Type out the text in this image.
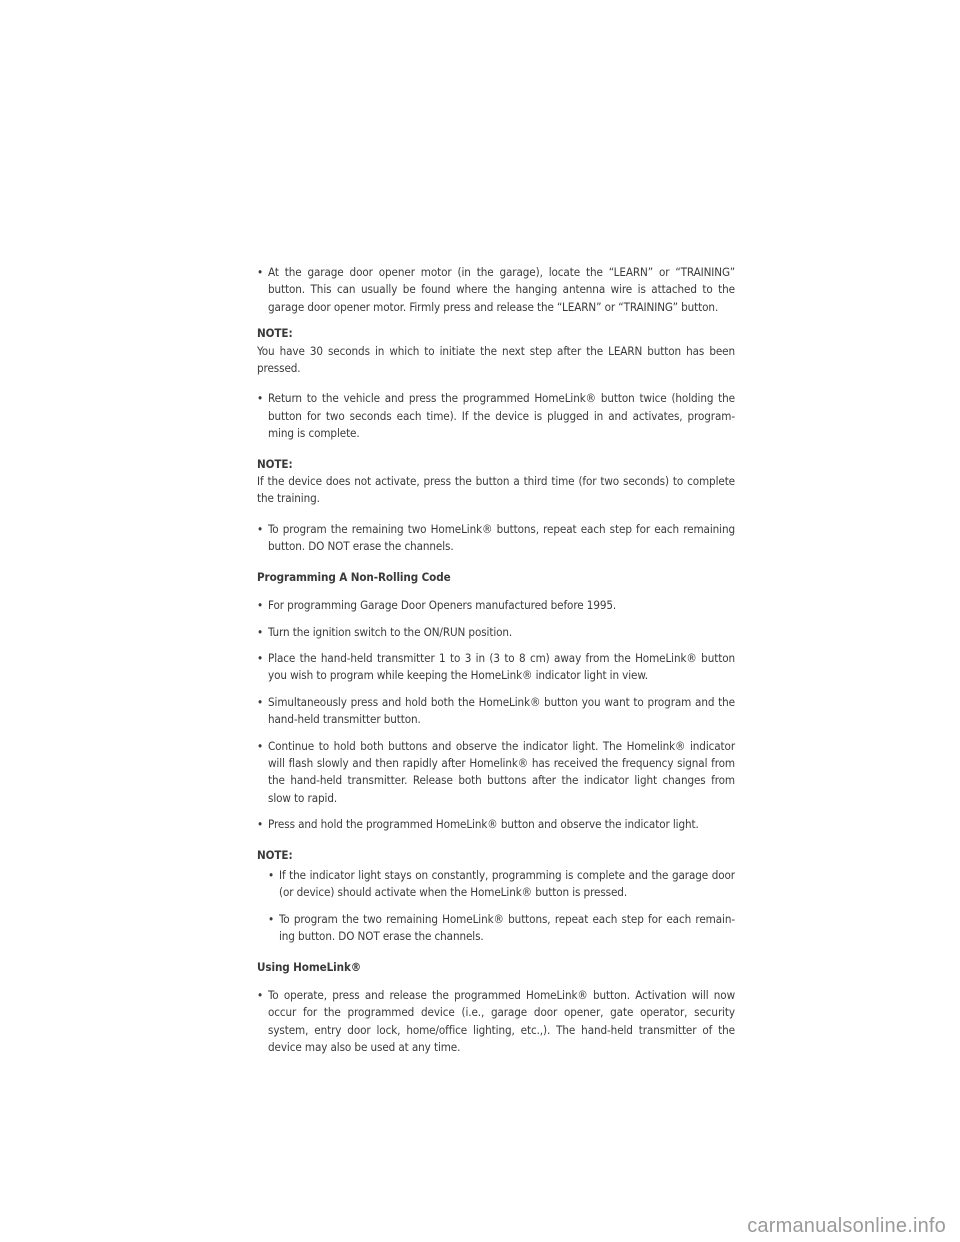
• At the garage door opener motor (in the garage), locate the “LEARN” or “TRAINING” button. This can usually be found where the hanging antenna wire is attached to the garage door opener motor. Firmly press and release the “LEARN” or “TRAINING” button.
NOTE:
You have 30 seconds in which to initiate the next step after the LEARN button has been pressed.
• Return to the vehicle and press the programmed HomeLink® button twice (holding the button for two seconds each time). If the device is plugged in and activates, program-ming is complete.
NOTE:
If the device does not activate, press the button a third time (for two seconds) to complete the training.
• To program the remaining two HomeLink® buttons, repeat each step for each remaining button. DO NOT erase the channels.
Programming A Non-Rolling Code
• For programming Garage Door Openers manufactured before 1995.
• Turn the ignition switch to the ON/RUN position.
• Place the hand-held transmitter 1 to 3 in (3 to 8 cm) away from the HomeLink® button you wish to program while keeping the HomeLink® indicator light in view.
• Simultaneously press and hold both the HomeLink® button you want to program and the hand-held transmitter button.
• Continue to hold both buttons and observe the indicator light. The Homelink® indicator will flash slowly and then rapidly after Homelink® has received the frequency signal from the hand-held transmitter. Release both buttons after the indicator light changes from slow to rapid.
• Press and hold the programmed HomeLink® button and observe the indicator light.
NOTE:
• If the indicator light stays on constantly, programming is complete and the garage door (or device) should activate when the HomeLink® button is pressed.
• To program the two remaining HomeLink® buttons, repeat each step for each remain-ing button. DO NOT erase the channels.
Using HomeLink®
• To operate, press and release the programmed HomeLink® button. Activation will now occur for the programmed device (i.e., garage door opener, gate operator, security system, entry door lock, home/office lighting, etc.,). The hand-held transmitter of the device may also be used at any time.
carmanualsonline.info
